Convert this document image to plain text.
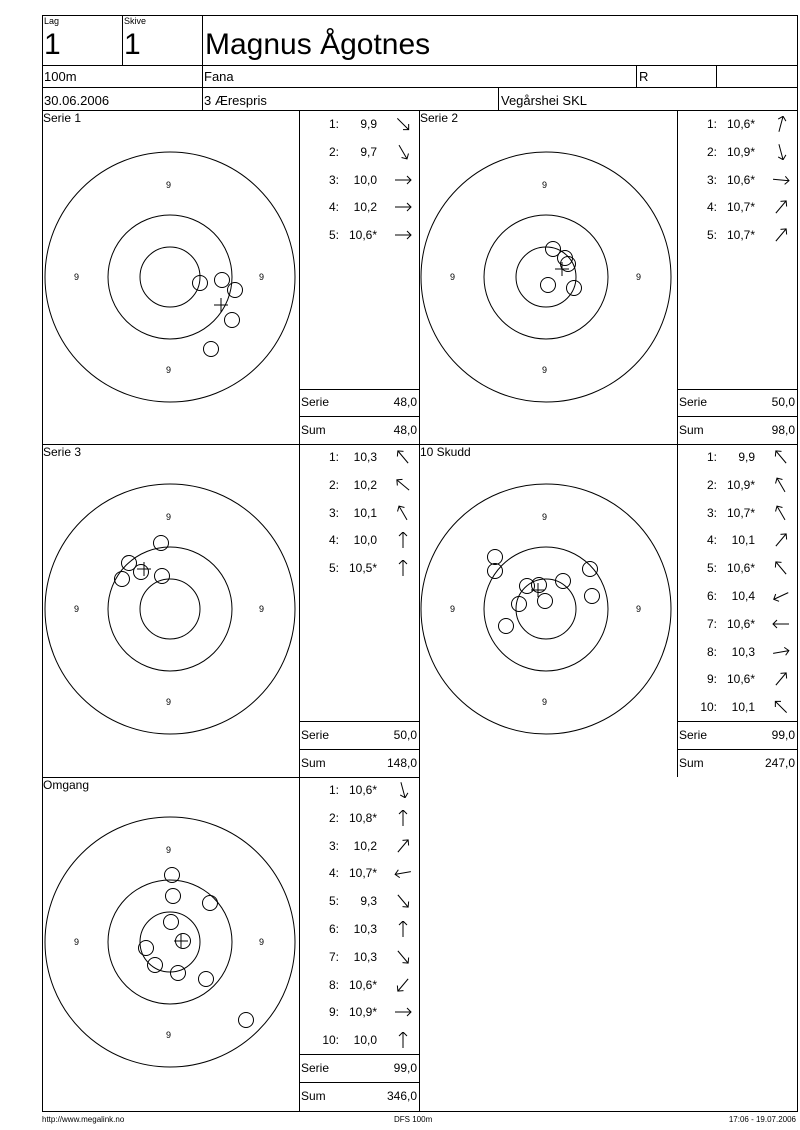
Lag
1
Skive
1 Magnus Ågotnes
100m	Fana	R
30.06.2006	3 Ærespris	Vegårshei SKL
Serie 1
9
9	9
9
1:	9,9
2:	9,7
3:	10,0
4:	10,2
5: 10,6*
Serie	48,0
Sum	48,0
Serie 2
9
9	9
9
1: 10,6*
2: 10,9*
3: 10,6*
4: 10,7*
5: 10,7*
Serie	50,0
Sum	98,0
Serie 3
9
9	9
9
1:	10,3
2:	10,2
3:	10,1
4:	10,0
5: 10,5*
Serie	50,0
Sum	148,0
10 Skudd
9
9	9
9
1:	9,9
2: 10,9*
3: 10,7*
4:	10,1
5: 10,6*
6:	10,4
7: 10,6*
8:	10,3
9: 10,6*
10:	10,1
Serie	99,0
Sum	247,0
Omgang
9
9	9
9
1: 10,6*
2: 10,8*
3:	10,2
4: 10,7*
5:	9,3
6:	10,3
7:	10,3
8: 10,6*
9: 10,9*
10:	10,0
Serie	99,0
Sum	346,0
http://www.megalink.no	DFS 100m	17:06 - 19.07.2006
